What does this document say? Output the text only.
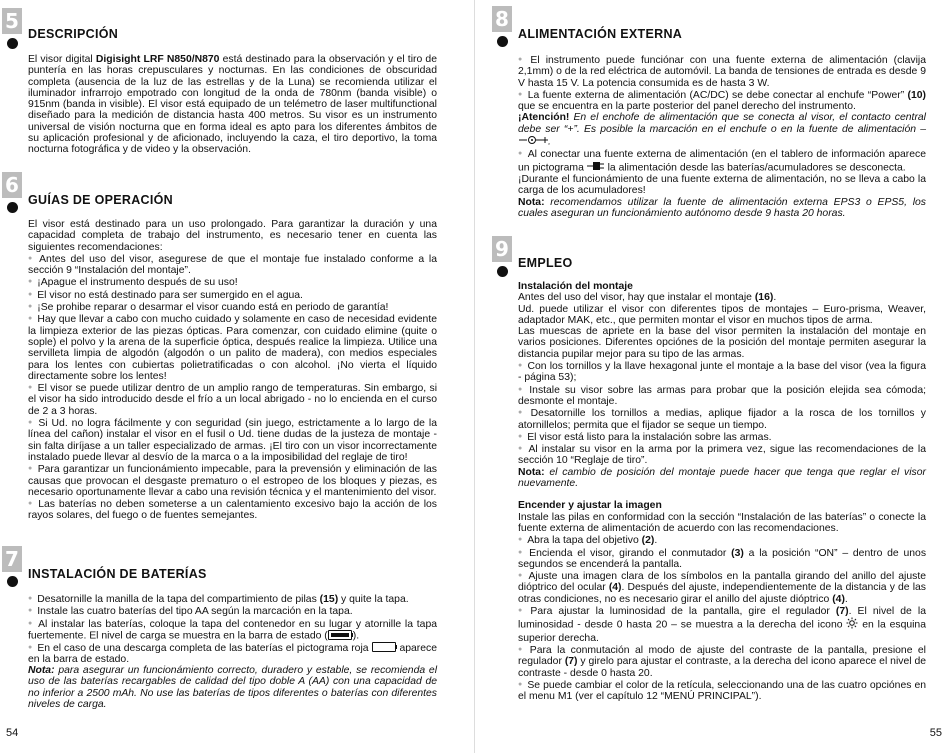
5
DESCRIPCIÓN

El visor digital Digisight LRF N850/N870 está destinado para la observación y el tiro de puntería en las horas crepusculares y nocturnas. En las condiciones de obscuridad completa (ausencia de la luz de las estrellas y de la Luna) se recomienda utilizar el iluminador infrarrojo empotrado con longitud de la onda de 780nm (banda visible) o 915nm (banda in visible). El visor está equipado de un telémetro de laser multifunctional diseñado para la medición de distancia hasta 400 metros. Su visor es un instrumento universal de visión nocturna que en forma ideal es apto para los diferentes ámbitos de su aplicación profesional y de aficionado, incluyendo la caza, el tiro deportivo, la toma nocturna fotográfica y de video y la observación.

6
GUÍAS DE OPERACIÓN

El visor está destinado para un uso prolongado. Para garantizar la duración y una capacidad completa de trabajo del instrumento, es necesario tener en cuenta las siguientes recomendaciones:

● Antes del uso del visor, asegurese de que el montaje fue instalado conforme a la sección 9 “Instalación del montaje”.

● ¡Apague el instrumento después de su uso!

● El visor no está destinado para ser sumergido en el agua.

● ¡Se prohibe reparar o desarmar el visor cuando está en periodo de garantía!

● Hay que llevar a cabo con mucho cuidado y solamente en caso de necesidad evidente la limpieza exterior de las piezas ópticas. Para comenzar, con cuidado elimine (quite o sople) el polvo y la arena de la superficie óptica, después realice la limpieza. Utilice una servilleta limpia de algodón (algodón o un palito de madera), con medios especiales para los lentes con cubiertas polietratificadas o con alcohol. ¡No vierta el líquido directamente sobre los lentes!

● El visor se puede utilizar dentro de un amplio rango de temperaturas. Sin embargo, si el visor ha sido introducido desde el frío a un local abrigado - no lo encienda en el curso de 2 a 3 horas.

● Si Ud. no logra fácilmente y con seguridad (sin juego, estrictamente a lo largo de la línea del cañon) instalar el visor en el fusil o Ud. tiene dudas de la justeza de montaje - sin falta diríjase a un taller especializado de armas. ¡El tiro con un visor incorrectamente instalado puede llevar al desvío de la marca o a la imposibilidad del reglaje de tiro!

● Para garantizar un funcionámiento impecable, para la prevensión y eliminación de las causas que provocan el desgaste prematuro o el estropeo de los bloques y piezas, es necesario oportunamente llevar a cabo una revisión técnica y el mantenimiento del visor.

● Las baterías no deben someterse a un calentamiento excesivo bajo la acción de los rayos solares, del fuego o de fuentes semejantes.

7
INSTALACIÓN DE BATERÍAS

● Desatornille la manilla de la tapa del compartimiento de pilas (15) y quite la tapa.

● Instale las cuatro baterías del tipo AA según la marcación en la tapa.

● Al instalar las baterías, coloque la tapa del contenedor en su lugar y atornille la tapa fuertemente. El nivel de carga se muestra en la barra de estado ( ).

● En el caso de una descarga completa de las baterías el pictograma roja  aparece en la barra de estado.

Nota: para asegurar un funcionámiento correcto, duradero y estable, se recomienda el uso de las baterías recargables de calidad del tipo doble A (AA) con una capacidad de no inferior a 2500 mAh. No use las baterías de tipos diferentes o baterías con diferentes niveles de carga.

54
8
ALIMENTACIÓN EXTERNA

● El instrumento puede funciónar con una fuente externa de alimentación (clavija 2,1mm) o de la red eléctrica de automóvil. La banda de tensiones de entrada es desde 9 V hasta 15 V. La potencia consumida es de hasta 3 W.

● La fuente externa de alimentación (AC/DC) se debe conectar al enchufe “Power” (10) que se encuentra en la parte posterior del panel derecho del instrumento.

¡Atención! En el enchofe de alimentación que se conecta al visor, el contacto central debe ser “+”. Es posible la marcación en el enchufe o en la fuente de alimentación – .

● Al conectar una fuente externa de alimentación (en el tablero de información aparece un pictograma  la alimentación desde las baterías/acumuladores se desconecta.

¡Durante el funcionámiento de una fuente externa de alimentación, no se lleva a cabo la carga de los acumuladores!

Nota: recomendamos utilizar la fuente de alimentación externa EPS3 o EPS5, los cuales aseguran un funcionámiento autónomo desde 9 hasta 20 horas.

9
EMPLEO

Instalación del montaje

Antes del uso del visor, hay que instalar el montaje (16).

Ud. puede utilizar el visor con diferentes tipos de montajes – Euro-prisma, Weaver, adaptador MAK, etc., que permiten montar el visor en muchos tipos de arma.

Las muescas de apriete en la base del visor permiten la instalación del montaje en varios posiciones. Diferentes opciónes de la posición del montaje permiten asegurar la distancia pupilar mejor para su tipo de las armas.

● Con los tornillos y la llave hexagonal junte el montaje a la base del visor (vea la figura - página 53);

● Instale su visor sobre las armas para probar que la posición elejida sea cómoda; desmonte el montaje.

● Desatornille los tornillos a medias, aplique fijador a la rosca de los tornillos y atornillelos; permita que el fijador se seque un tiempo.

● El visor está listo para la instalación sobre las armas.

● Al instalar su visor en la arma por la primera vez, sigue las recomendaciones de la sección 10 “Reglaje de tiro”.

Nota: el cambio de posición del montaje puede hacer que tenga que reglar el visor nuevamente.

Encender y ajustar la imagen

Instale las pilas en conformidad con la sección “Instalación de las baterías” o conecte la fuente externa de alimentación de acuerdo con las recomendaciones.

● Abra la tapa del objetivo (2).

● Encienda el visor, girando el conmutador (3) a la posición “ON” – dentro de unos segundos se encenderá la pantalla.

● Ajuste una imagen clara de los símbolos en la pantalla girando del anillo del ajuste dióptrico del ocular (4). Después del ajuste, independientemente de la distancia y de las otras condiciones, no es necesario girar el anillo del ajuste dióptrico (4).

● Para ajustar la luminosidad de la pantalla, gire el regulador (7). El nivel de la luminosidad - desde 0 hasta 20 – se muestra a la derecha del icono  en la esquina superior derecha.

● Para la conmutación al modo de ajuste del contraste de la pantalla, presione el regulador (7) y girelo para ajustar el contraste, a la derecha del icono aparece el nivel de contraste - desde 0 hasta 20.

● Se puede cambiar el color de la retícula, seleccionando una de las cuatro opciónes en el menu M1 (ver el capítulo 12 “MENÚ PRINCIPAL”).

55
